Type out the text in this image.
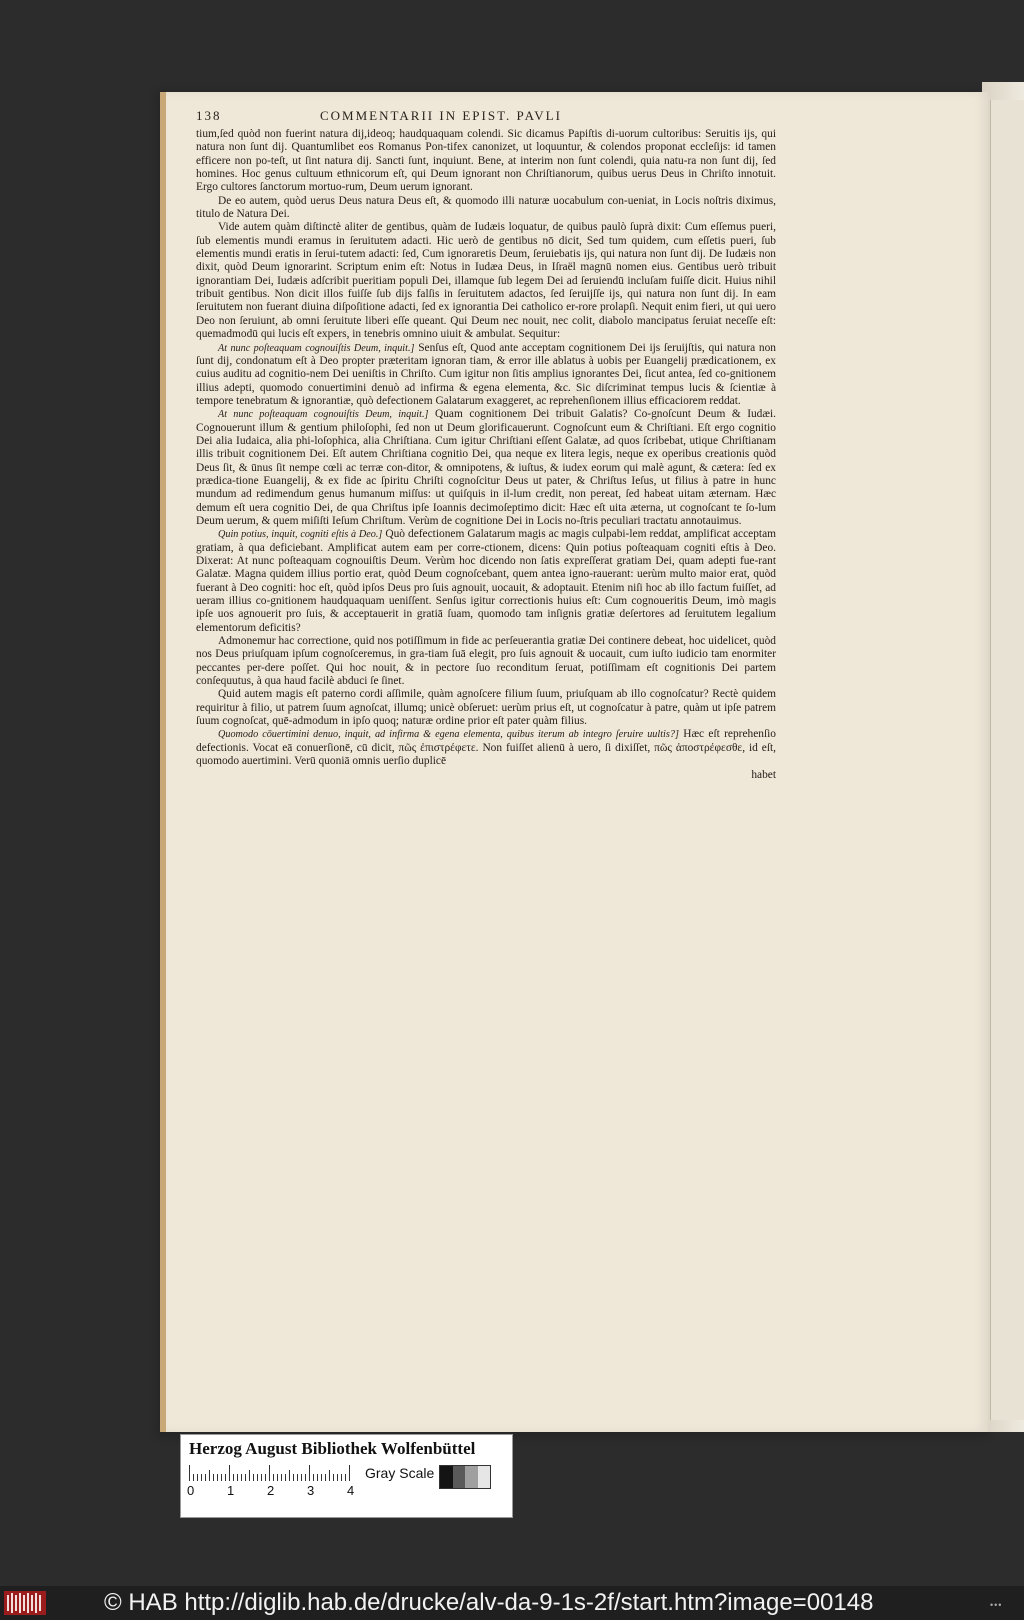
138	COMMENTARII IN EPIST. PAVLI

tium,ſed quòd non fuerint natura dij,ideoq; haudquaquam colendi. Sic dicamus Papiſtis di-uorum cultoribus: Seruitis ijs, qui natura non ſunt dij. Quantumlibet eos Romanus Pon-tifex canonizet, ut loquuntur, & colendos proponat eccleſijs: id tamen efficere non po-teſt, ut ſint natura dij. Sancti ſunt, inquiunt. Bene, at interim non ſunt colendi, quia natu-ra non ſunt dij, ſed homines. Hoc genus cultuum ethnicorum eſt, qui Deum ignorant non Chriſtianorum, quibus uerus Deus in Chriſto innotuit. Ergo cultores ſanctorum mortuo-rum, Deum uerum ignorant.

De eo autem, quòd uerus Deus natura Deus eſt, & quomodo illi naturæ uocabulum con-ueniat, in Locis noſtris diximus, titulo de Natura Dei.

Vide autem quàm diſtinctè aliter de gentibus, quàm de Iudæis loquatur, de quibus paulò ſuprà dixit: Cum eſſemus pueri, ſub elementis mundi eramus in ſeruitutem adacti. Hic uerò de gentibus nō dicit, Sed tum quidem, cum eſſetis pueri, ſub elementis mundi eratis in ſerui-tutem adacti: ſed, Cum ignoraretis Deum, ſeruiebatis ijs, qui natura non ſunt dij. De Iudæis non dixit, quòd Deum ignorarint. Scriptum enim eſt: Notus in Iudæa Deus, in Iſraël magnū nomen eius. Gentibus uerò tribuit ignorantiam Dei, Iudæis adſcribit pueritiam populi Dei, illamque ſub legem Dei ad ſeruiendū incluſam fuiſſe dicit. Huius nihil tribuit gentibus. Non dicit illos fuiſſe ſub dijs falſis in ſeruitutem adactos, ſed ſeruijſſe ijs, qui natura non ſunt dij. In eam ſeruitutem non fuerant diuina diſpoſitione adacti, ſed ex ignorantia Dei catholico er-rore prolapſi. Nequit enim fieri, ut qui uero Deo non ſeruiunt, ab omni ſeruitute liberi eſſe queant. Qui Deum nec nouit, nec colit, diabolo mancipatus ſeruiat neceſſe eſt: quemadmodū qui lucis eſt expers, in tenebris omnino uiuit & ambulat. Sequitur:

At nunc poſteaquam cognouiſtis Deum, inquit.] Senſus eſt, Quod ante acceptam cognitionem Dei ijs ſeruijſtis, qui natura non ſunt dij, condonatum eſt à Deo propter præteritam ignoran tiam, & error ille ablatus à uobis per Euangelij prædicationem, ex cuius auditu ad cognitio-nem Dei ueniſtis in Chriſto. Cum igitur non ſitis amplius ignorantes Dei, ſicut antea, ſed co-gnitionem illius adepti, quomodo conuertimini denuò ad infirma & egena elementa, &c. Sic diſcriminat tempus lucis & ſcientiæ à tempore tenebratum & ignorantiæ, quò defectionem Galatarum exaggeret, ac reprehenſionem illius efficaciorem reddat.

At nunc poſteaquam cognouiſtis Deum, inquit.] Quam cognitionem Dei tribuit Galatis? Co-gnoſcunt Deum & Iudæi. Cognouerunt illum & gentium philoſophi, ſed non ut Deum glorificauerunt. Cognoſcunt eum & Chriſtiani. Eſt ergo cognitio Dei alia Iudaica, alia phi-loſophica, alia Chriſtiana. Cum igitur Chriſtiani eſſent Galatæ, ad quos ſcribebat, utique Chriſtianam illis tribuit cognitionem Dei. Eſt autem Chriſtiana cognitio Dei, qua neque ex litera legis, neque ex operibus creationis quòd Deus ſit, & ūnus ſit nempe cœli ac terræ con-ditor, & omnipotens, & iuſtus, & iudex eorum qui malè agunt, & cætera: ſed ex prædica-tione Euangelij, & ex fide ac ſpiritu Chriſti cognoſcitur Deus ut pater, & Chriſtus Ieſus, ut filius à patre in hunc mundum ad redimendum genus humanum miſſus: ut quiſquis in il-lum credit, non pereat, ſed habeat uitam æternam. Hæc demum eſt uera cognitio Dei, de qua Chriſtus ipſe Ioannis decimoſeptimo dicit: Hæc eſt uita æterna, ut cognoſcant te ſo-lum Deum uerum, & quem miſiſti Ieſum Chriſtum. Verùm de cognitione Dei in Locis no-ſtris peculiari tractatu annotauimus.

Quin potius, inquit, cogniti eſtis à Deo.] Quò defectionem Galatarum magis ac magis culpabi-lem reddat, amplificat acceptam gratiam, à qua deficiebant. Amplificat autem eam per corre-ctionem, dicens: Quin potius poſteaquam cogniti eſtis à Deo. Dixerat: At nunc poſteaquam cognouiſtis Deum. Verùm hoc dicendo non ſatis expreſſerat gratiam Dei, quam adepti fue-rant Galatæ. Magna quidem illius portio erat, quòd Deum cognoſcebant, quem antea igno-rauerant: uerùm multo maior erat, quòd fuerant à Deo cogniti: hoc eſt, quòd ipſos Deus pro ſuis agnouit, uocauit, & adoptauit. Etenim niſi hoc ab illo factum fuiſſet, ad ueram illius co-gnitionem haudquaquam ueniſſent. Senſus igitur correctionis huius eſt: Cum cognoueritis Deum, imò magis ipſe uos agnouerit pro ſuis, & acceptauerit in gratiā ſuam, quomodo tam inſignis gratiæ deſertores ad ſeruitutem legalium elementorum deficitis?

Admonemur hac correctione, quid nos potiſſimum in fide ac perſeuerantia gratiæ Dei continere debeat, hoc uidelicet, quòd nos Deus priuſquam ipſum cognoſceremus, in gra-tiam ſuā elegit, pro ſuis agnouit & uocauit, cum iuſto iudicio tam enormiter peccantes per-dere poſſet. Qui hoc nouit, & in pectore ſuo reconditum ſeruat, potiſſimam eſt cognitionis Dei partem conſequutus, à qua haud facilè abduci ſe ſinet.

Quid autem magis eſt paterno cordi aſſimile, quàm agnoſcere filium ſuum, priuſquam ab illo cognoſcatur? Rectè quidem requiritur à filio, ut patrem ſuum agnoſcat, illumq; unicè obſeruet: uerùm prius eſt, ut cognoſcatur à patre, quàm ut ipſe patrem ſuum cognoſcat, quē-admodum in ipſo quoq; naturæ ordine prior eſt pater quàm filius.

Quomodo cōuertimini denuo, inquit, ad infirma & egena elementa, quibus iterum ab integro ſeruire uultis?] Hæc eſt reprehenſio defectionis. Vocat eā conuerſionē, cū dicit, πῶς ἐπιστρέφετε. Non fuiſſet alienū à uero, ſi dixiſſet, πῶς ἀποστρέφεσθε, id eſt, quomodo auertimini. Verū quoniā omnis uerſio duplicē

habet

Herzog August Bibliothek Wolfenbüttel
0	1	2	3	4
Gray Scale
© HAB http://diglib.hab.de/drucke/alv-da-9-1s-2f/start.htm?image=00148	•••
